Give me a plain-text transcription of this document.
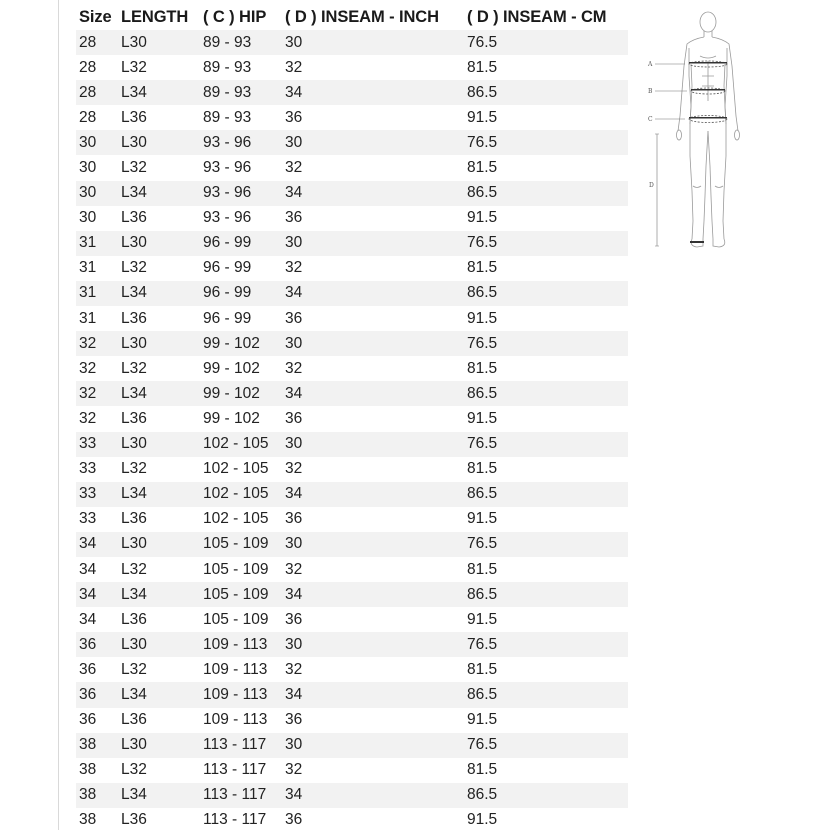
Size	LENGTH	( C ) HIP	( D ) INSEAM - INCH	( D ) INSEAM - CM
28	L30	89 - 93	30	76.5
28	L32	89 - 93	32	81.5
28	L34	89 - 93	34	86.5
28	L36	89 - 93	36	91.5
30	L30	93 - 96	30	76.5
30	L32	93 - 96	32	81.5
30	L34	93 - 96	34	86.5
30	L36	93 - 96	36	91.5
31	L30	96 - 99	30	76.5
31	L32	96 - 99	32	81.5
31	L34	96 - 99	34	86.5
31	L36	96 - 99	36	91.5
32	L30	99 - 102	30	76.5
32	L32	99 - 102	32	81.5
32	L34	99 - 102	34	86.5
32	L36	99 - 102	36	91.5
33	L30	102 - 105	30	76.5
33	L32	102 - 105	32	81.5
33	L34	102 - 105	34	86.5
33	L36	102 - 105	36	91.5
34	L30	105 - 109	30	76.5
34	L32	105 - 109	32	81.5
34	L34	105 - 109	34	86.5
34	L36	105 - 109	36	91.5
36	L30	109 - 113	30	76.5
36	L32	109 - 113	32	81.5
36	L34	109 - 113	34	86.5
36	L36	109 - 113	36	91.5
38	L30	113 - 117	30	76.5
38	L32	113 - 117	32	81.5
38	L34	113 - 117	34	86.5
38	L36	113 - 117	36	91.5
A
B
C
D
